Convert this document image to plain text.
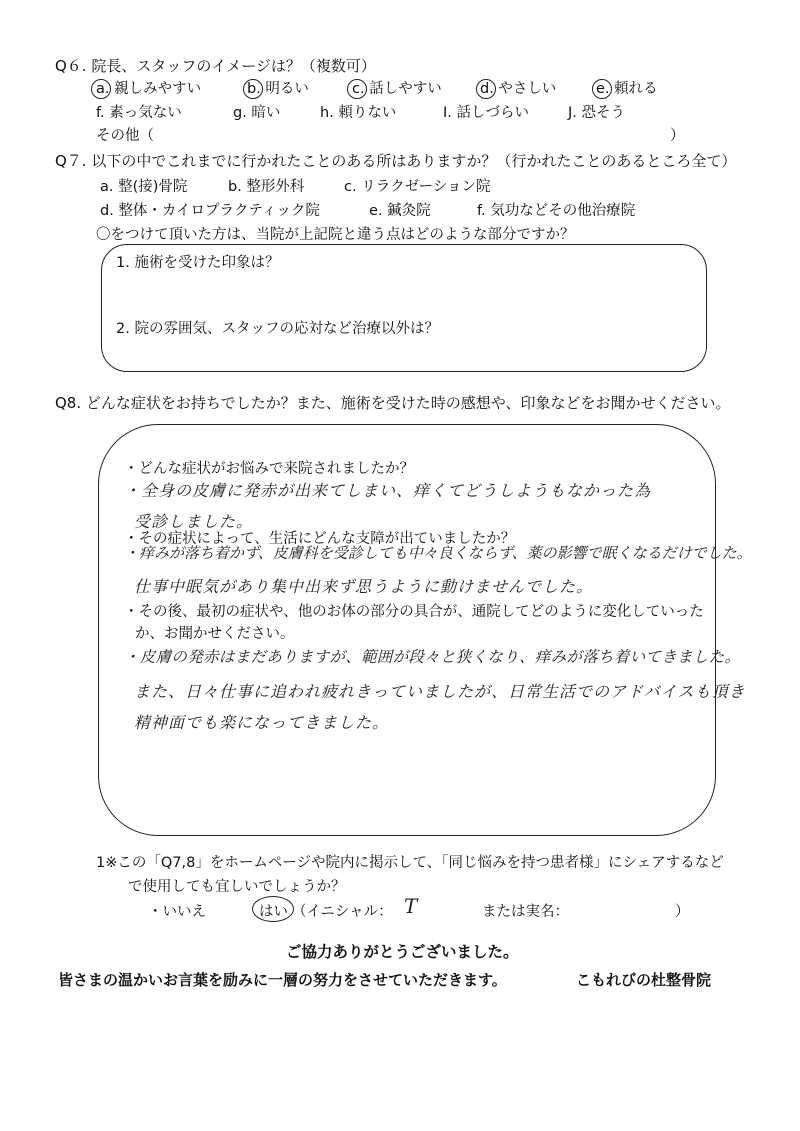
Q６. 院長、スタッフのイメージは？（複数可）
a. 親しみやすい	b. 明るい	c. 話しやすい	d. やさしい	e. 頼れる
f. 素っ気ない	g. 暗い	h. 頼りない	I. 話しづらい	J. 恐そう
その他（	）
Q７. 以下の中でこれまでに行かれたことのある所はありますか？（行かれたことのあるところ全て）
a. 整(接)骨院	b. 整形外科	c. リラクゼーション院
d. 整体・カイロプラクティック院	e. 鍼灸院	f. 気功などその他治療院
〇をつけて頂いた方は、当院が上記院と違う点はどのような部分ですか？
1. 施術を受けた印象は？
2. 院の雰囲気、スタッフの応対など治療以外は？
Q8. どんな症状をお持ちでしたか？また、施術を受けた時の感想や、印象などをお聞かせください。
・どんな症状がお悩みで来院されましたか？
・全身の皮膚に発赤が出来てしまい、痒くてどうしようもなかった為
受診しました。
・その症状によって、生活にどんな支障が出ていましたか？
・痒みが落ち着かず、皮膚科を受診しても中々良くならず、薬の影響で眠くなるだけでした。
仕事中眠気があり集中出来ず思うように動けませんでした。
・その後、最初の症状や、他のお体の部分の具合が、通院してどのように変化していった
か、お聞かせください。
・皮膚の発赤はまだありますが、範囲が段々と狭くなり、痒みが落ち着いてきました。
また、日々仕事に追われ疲れきっていましたが、日常生活でのアドバイスも頂き
精神面でも楽になってきました。
1※この「Q7,8」をホームページや院内に掲示して、「同じ悩みを持つ患者様」にシェアするなど
で使用しても宜しいでしょうか？
・いいえ	はい （イニシャル： T	または実名：	）
ご協力ありがとうございました。
皆さまの温かいお言葉を励みに一層の努力をさせていただきます。	こもれびの杜整骨院
